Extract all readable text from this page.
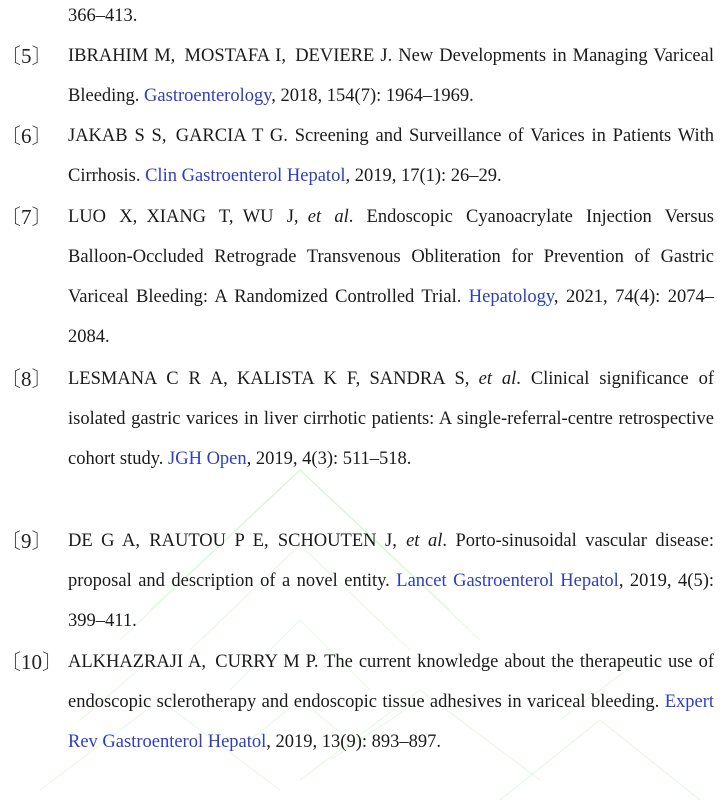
366–413.
〔5〕 IBRAHIM M, MOSTAFA I, DEVIERE J. New Developments in Managing Variceal Bleeding. Gastroenterology, 2018, 154(7): 1964–1969.
〔6〕 JAKAB S S, GARCIA T G. Screening and Surveillance of Varices in Patients With Cirrhosis. Clin Gastroenterol Hepatol, 2019, 17(1): 26–29.
〔7〕 LUO X, XIANG T, WU J, et al. Endoscopic Cyanoacrylate Injection Versus Balloon-Occluded Retrograde Transvenous Obliteration for Prevention of Gastric Variceal Bleeding: A Randomized Controlled Trial. Hepatology, 2021, 74(4): 2074–2084.
〔8〕 LESMANA C R A, KALISTA K F, SANDRA S, et al. Clinical significance of isolated gastric varices in liver cirrhotic patients: A single-referral-centre retrospective cohort study. JGH Open, 2019, 4(3): 511–518.
〔9〕 DE G A, RAUTOU P E, SCHOUTEN J, et al. Porto-sinusoidal vascular disease: proposal and description of a novel entity. Lancet Gastroenterol Hepatol, 2019, 4(5): 399–411.
〔10〕 ALKHAZRAJI A, CURRY M P. The current knowledge about the therapeutic use of endoscopic sclerotherapy and endoscopic tissue adhesives in variceal bleeding. Expert Rev Gastroenterol Hepatol, 2019, 13(9): 893–897.
